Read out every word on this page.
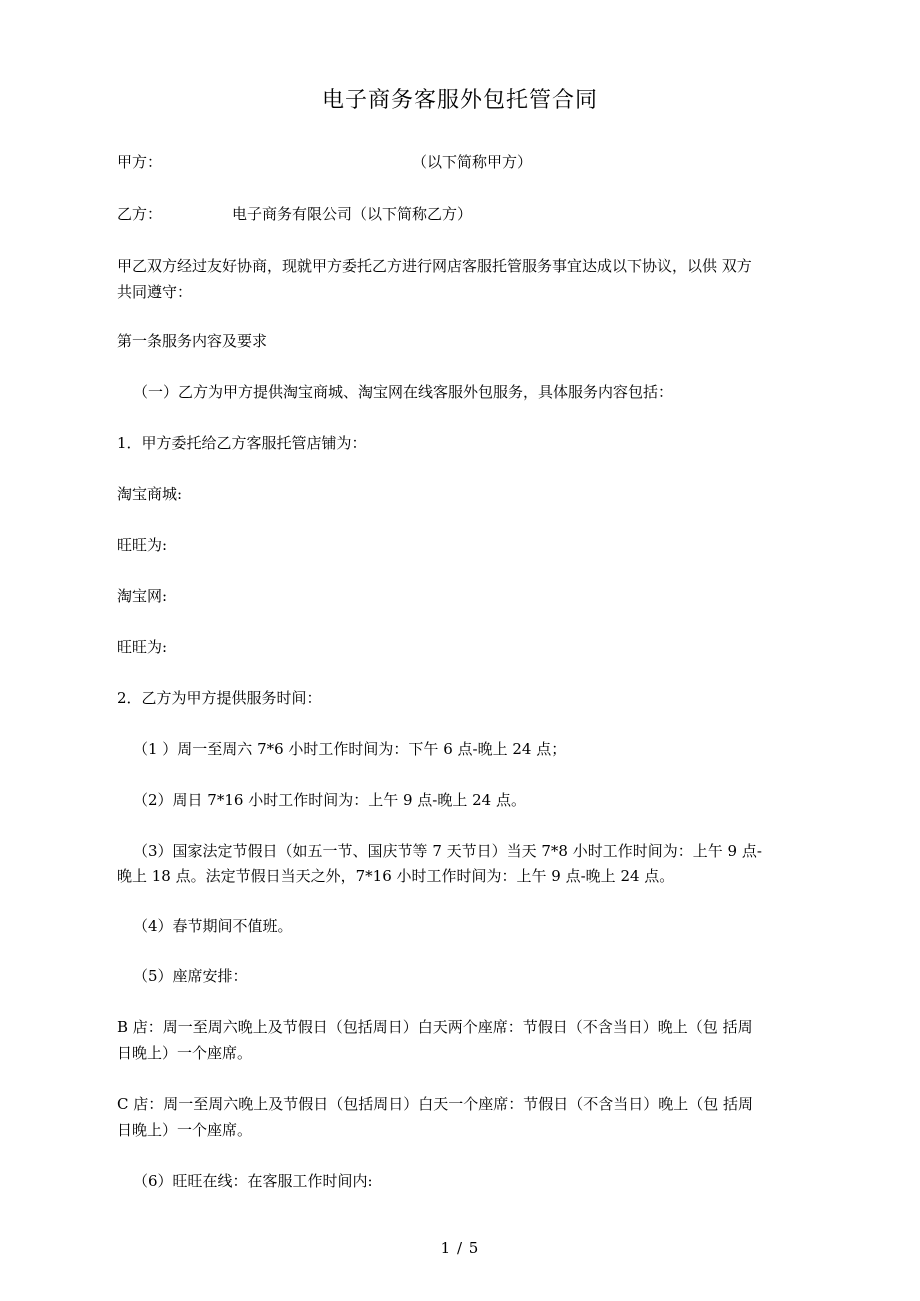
电子商务客服外包托管合同
甲方：	（以下简称甲方）
乙方：	电子商务有限公司（以下简称乙方）
甲乙双方经过友好协商，现就甲方委托乙方进行网店客服托管服务事宜达成以下协议，以供 双方
共同遵守：
第一条服务内容及要求
（一）乙方为甲方提供淘宝商城、淘宝网在线客服外包服务，具体服务内容包括：
1．甲方委托给乙方客服托管店铺为：
淘宝商城:
旺旺为:
淘宝网:
旺旺为:
2．乙方为甲方提供服务时间：
（1 ）周一至周六 7*6 小时工作时间为：下午 6 点-晚上 24 点；
（2）周日 7*16 小时工作时间为：上午 9 点-晚上 24 点。
（3）国家法定节假日（如五一节、国庆节等 7 天节日）当天 7*8 小时工作时间为：上午 9 点-
晚上 18 点。法定节假日当天之外，7*16 小时工作时间为：上午 9 点-晚上 24 点。
（4）春节期间不值班。
（5）座席安排：
B 店：周一至周六晚上及节假日（包括周日）白天两个座席：节假日（不含当日）晚上（包 括周
日晚上）一个座席。
C 店：周一至周六晚上及节假日（包括周日）白天一个座席：节假日（不含当日）晚上（包 括周
日晚上）一个座席。
（6）旺旺在线：在客服工作时间内:
1 / 5
